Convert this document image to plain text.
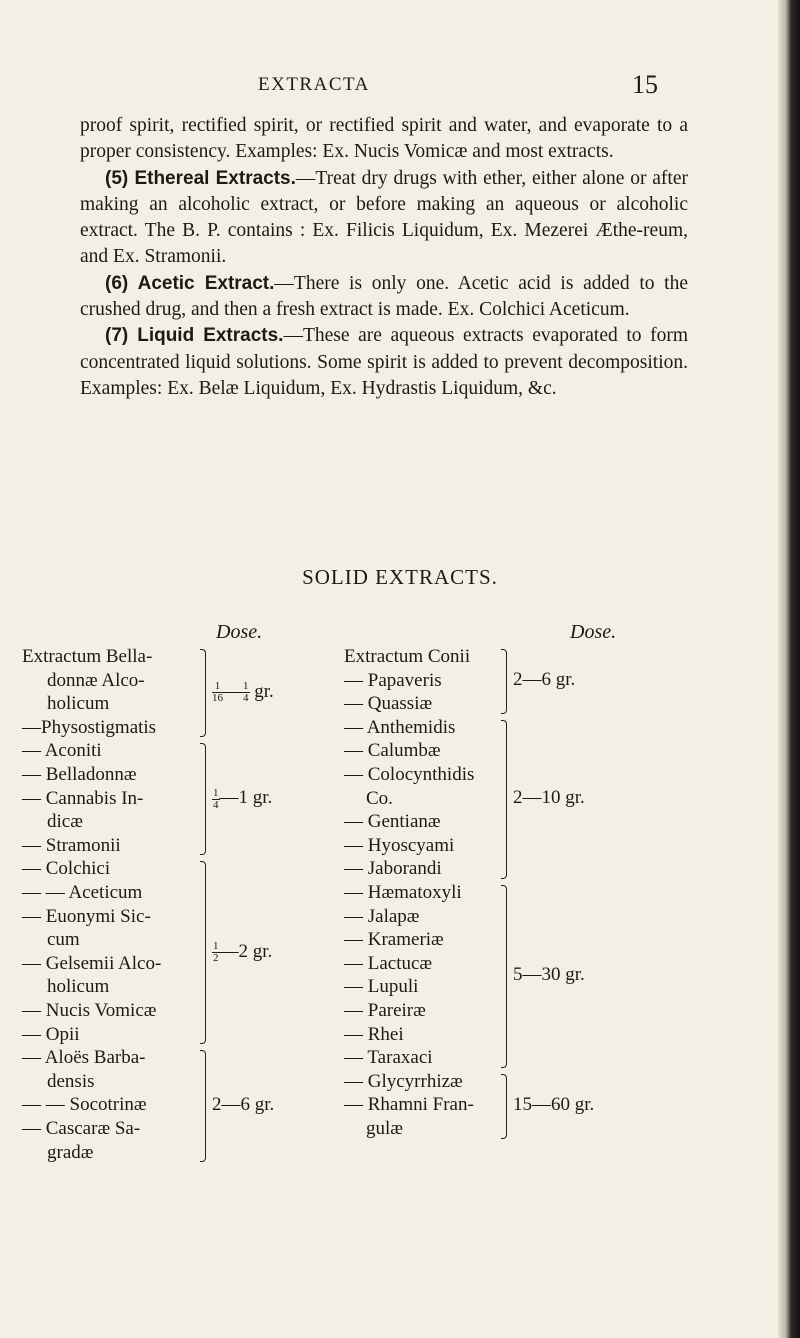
EXTRACTA	15

proof spirit, rectified spirit, or rectified spirit and water, and evaporate to a proper consistency. Examples: Ex. Nucis Vomicæ and most extracts.

(5) Ethereal Extracts.—Treat dry drugs with ether, either alone or after making an alcoholic extract, or before making an aqueous or alcoholic extract. The B. P. contains : Ex. Filicis Liquidum, Ex. Mezerei Æthe-reum, and Ex. Stramonii.

(6) Acetic Extract.—There is only one. Acetic acid is added to the crushed drug, and then a fresh extract is made. Ex. Colchici Aceticum.

(7) Liquid Extracts.—These are aqueous extracts evaporated to form concentrated liquid solutions. Some spirit is added to prevent decomposition. Examples: Ex. Belæ Liquidum, Ex. Hydrastis Liquidum, &c.

SOLID EXTRACTS.
Dose.	Dose.
Extractum Bella-
donnæ Alco-
holicum
—Physostigmatis
$\frac{1}{16}$ — $\frac{1}{4}$ gr.
— Aconiti
— Belladonnæ
— Cannabis In-
dicæ
— Stramonii
$\frac{1}{4}$ —1 gr.
— Colchici
— — Aceticum
— Euonymi Sic-
cum
— Gelsemii Alco-
holicum
— Nucis Vomicæ
— Opii
$\frac{1}{2}$ —2 gr.
— Aloës Barba-
densis
— — Socotrinæ
— Cascaræ Sa-
gradæ
2—6 gr.
Extractum Conii
— Papaveris
— Quassiæ
2—6 gr.
— Anthemidis
— Calumbæ
— Colocynthidis
Co.
— Gentianæ
— Hyoscyami
— Jaborandi
2—10 gr.
— Hæmatoxyli
— Jalapæ
— Krameriæ
— Lactucæ
— Lupuli
— Pareiræ
— Rhei
— Taraxaci
5—30 gr.
— Glycyrrhizæ
— Rhamni Fran-
gulæ
15—60 gr.
